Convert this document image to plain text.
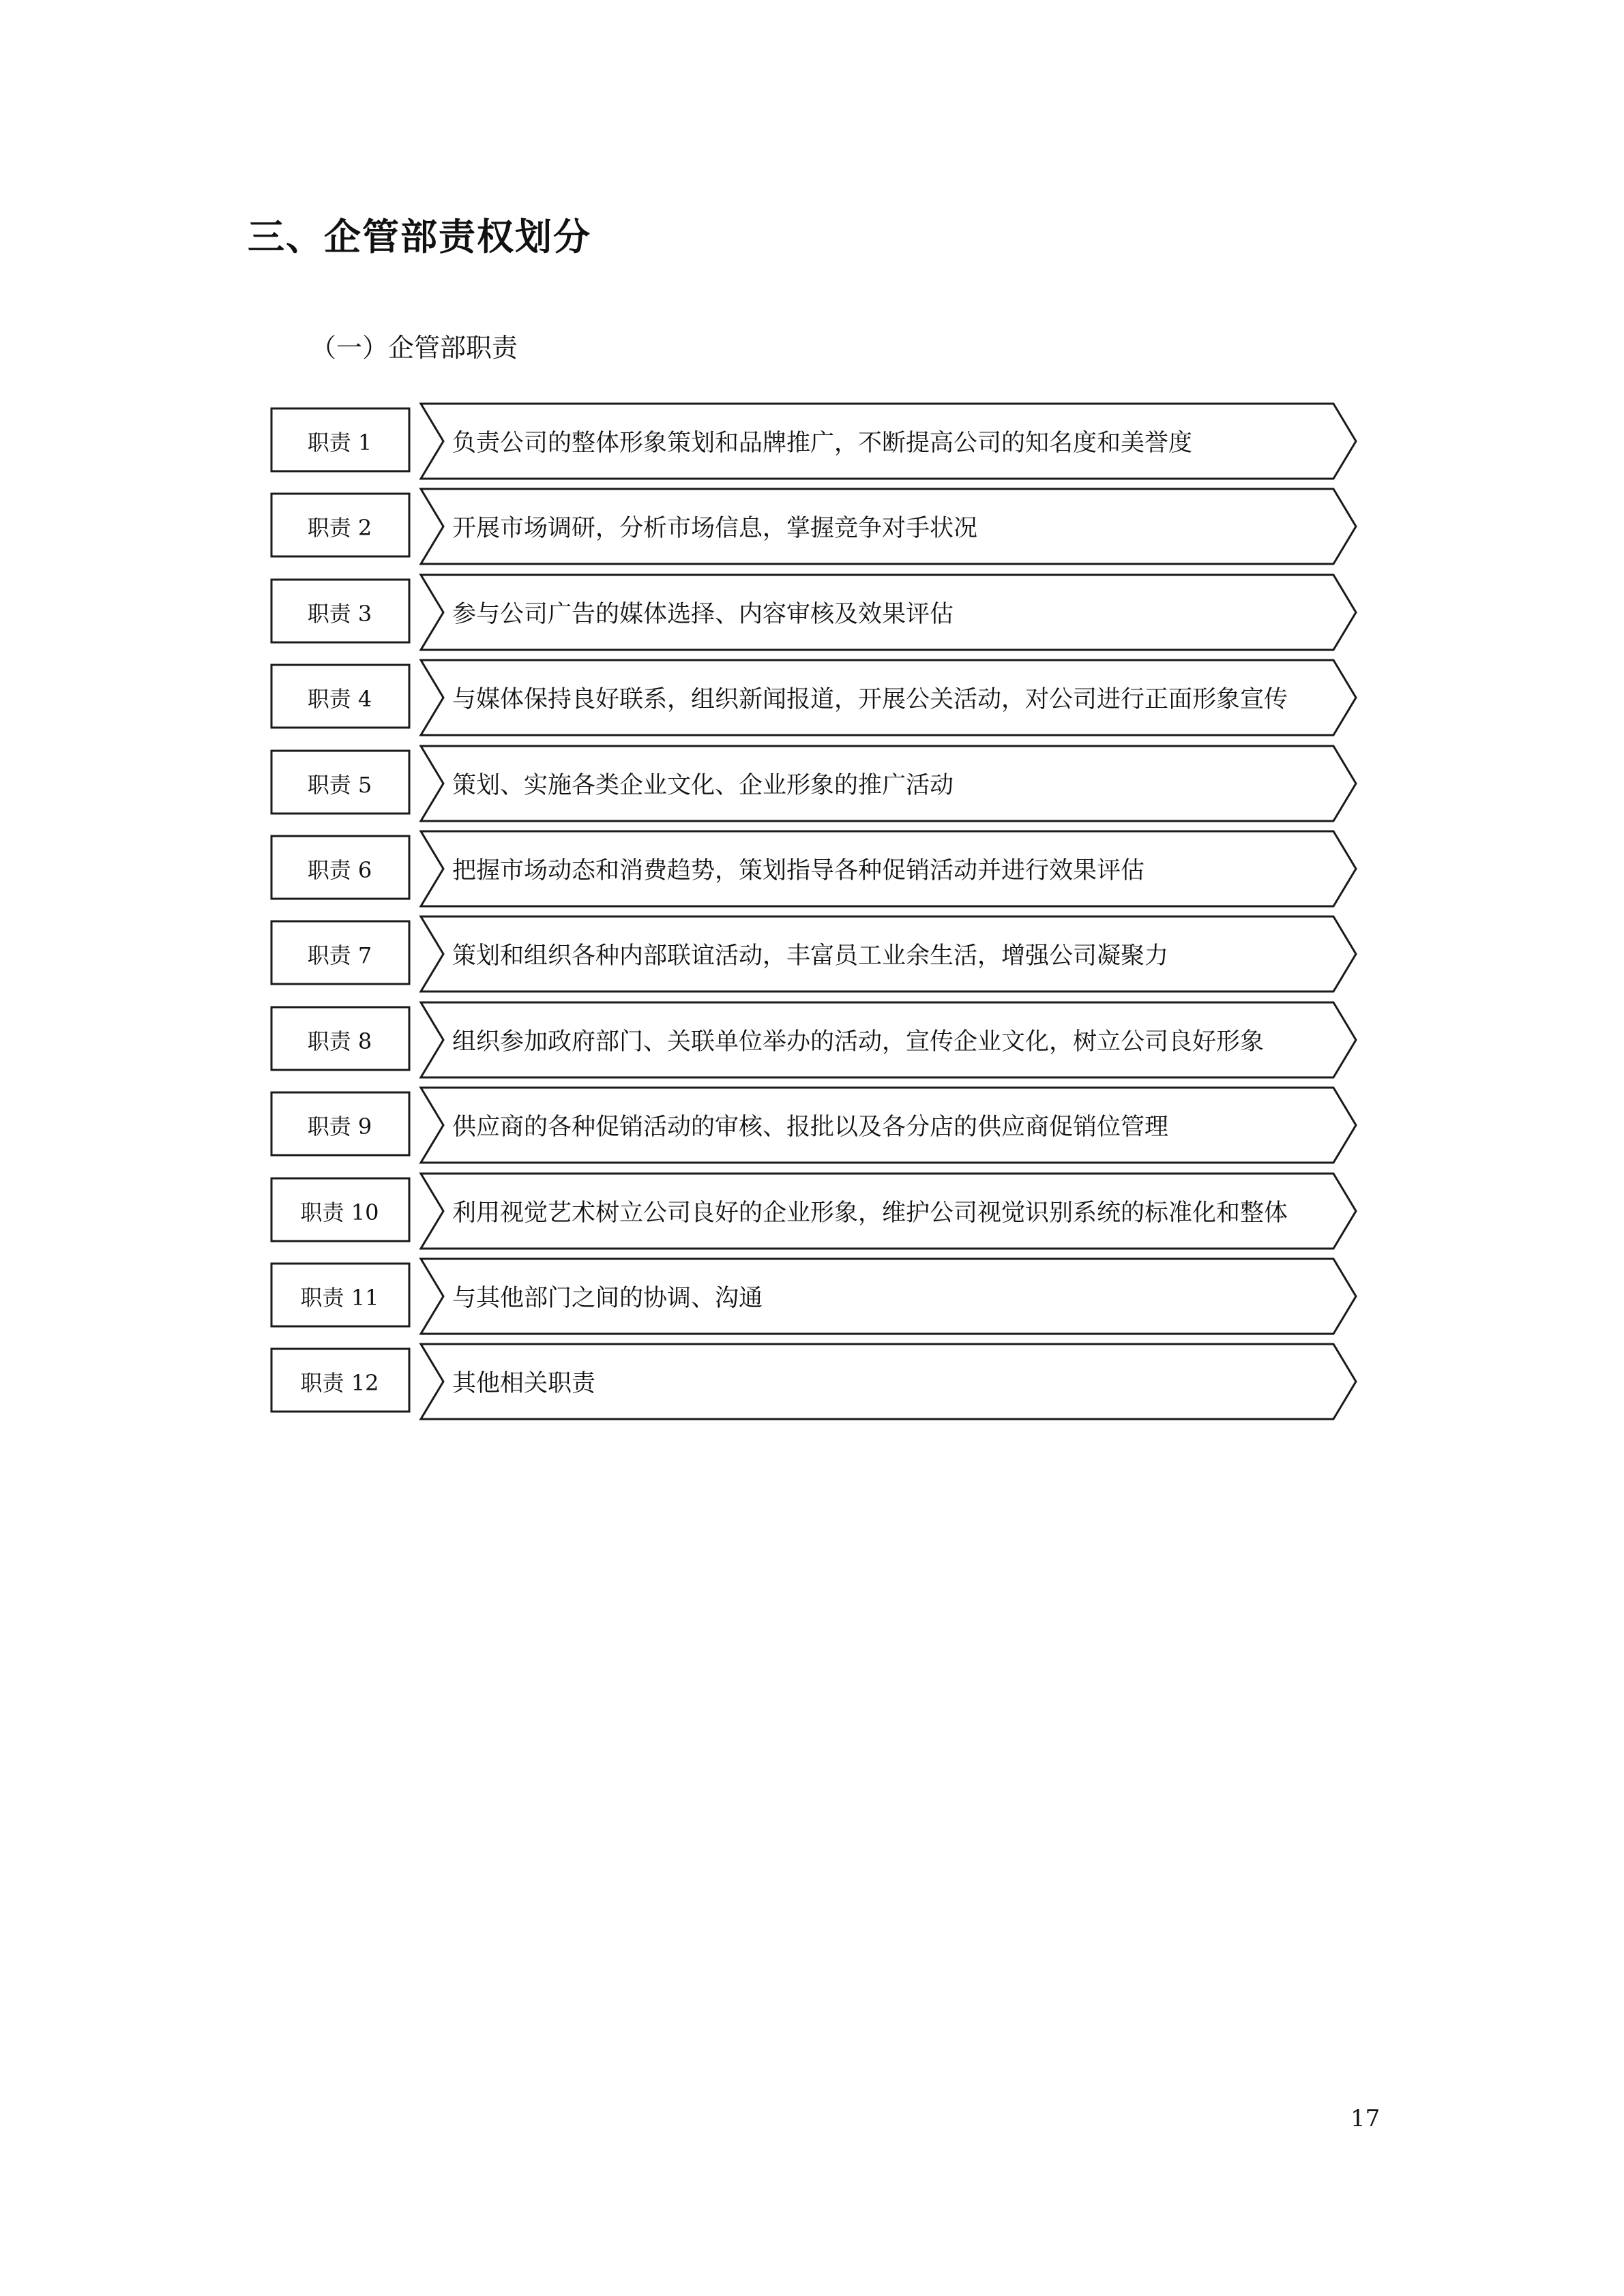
三、企管部责权划分
（一）企管部职责
职责 1	负责公司的整体形象策划和品牌推广，不断提高公司的知名度和美誉度
职责 2	开展市场调研，分析市场信息，掌握竞争对手状况
职责 3	参与公司广告的媒体选择、内容审核及效果评估
职责 4	与媒体保持良好联系，组织新闻报道，开展公关活动，对公司进行正面形象宣传
职责 5	策划、实施各类企业文化、企业形象的推广活动
职责 6	把握市场动态和消费趋势，策划指导各种促销活动并进行效果评估
职责 7	策划和组织各种内部联谊活动，丰富员工业余生活，增强公司凝聚力
职责 8	组织参加政府部门、关联单位举办的活动，宣传企业文化，树立公司良好形象
职责 9	供应商的各种促销活动的审核、报批以及各分店的供应商促销位管理
职责 10	利用视觉艺术树立公司良好的企业形象，维护公司视觉识别系统的标准化和整体
职责 11	与其他部门之间的协调、沟通
职责 12	其他相关职责
17
